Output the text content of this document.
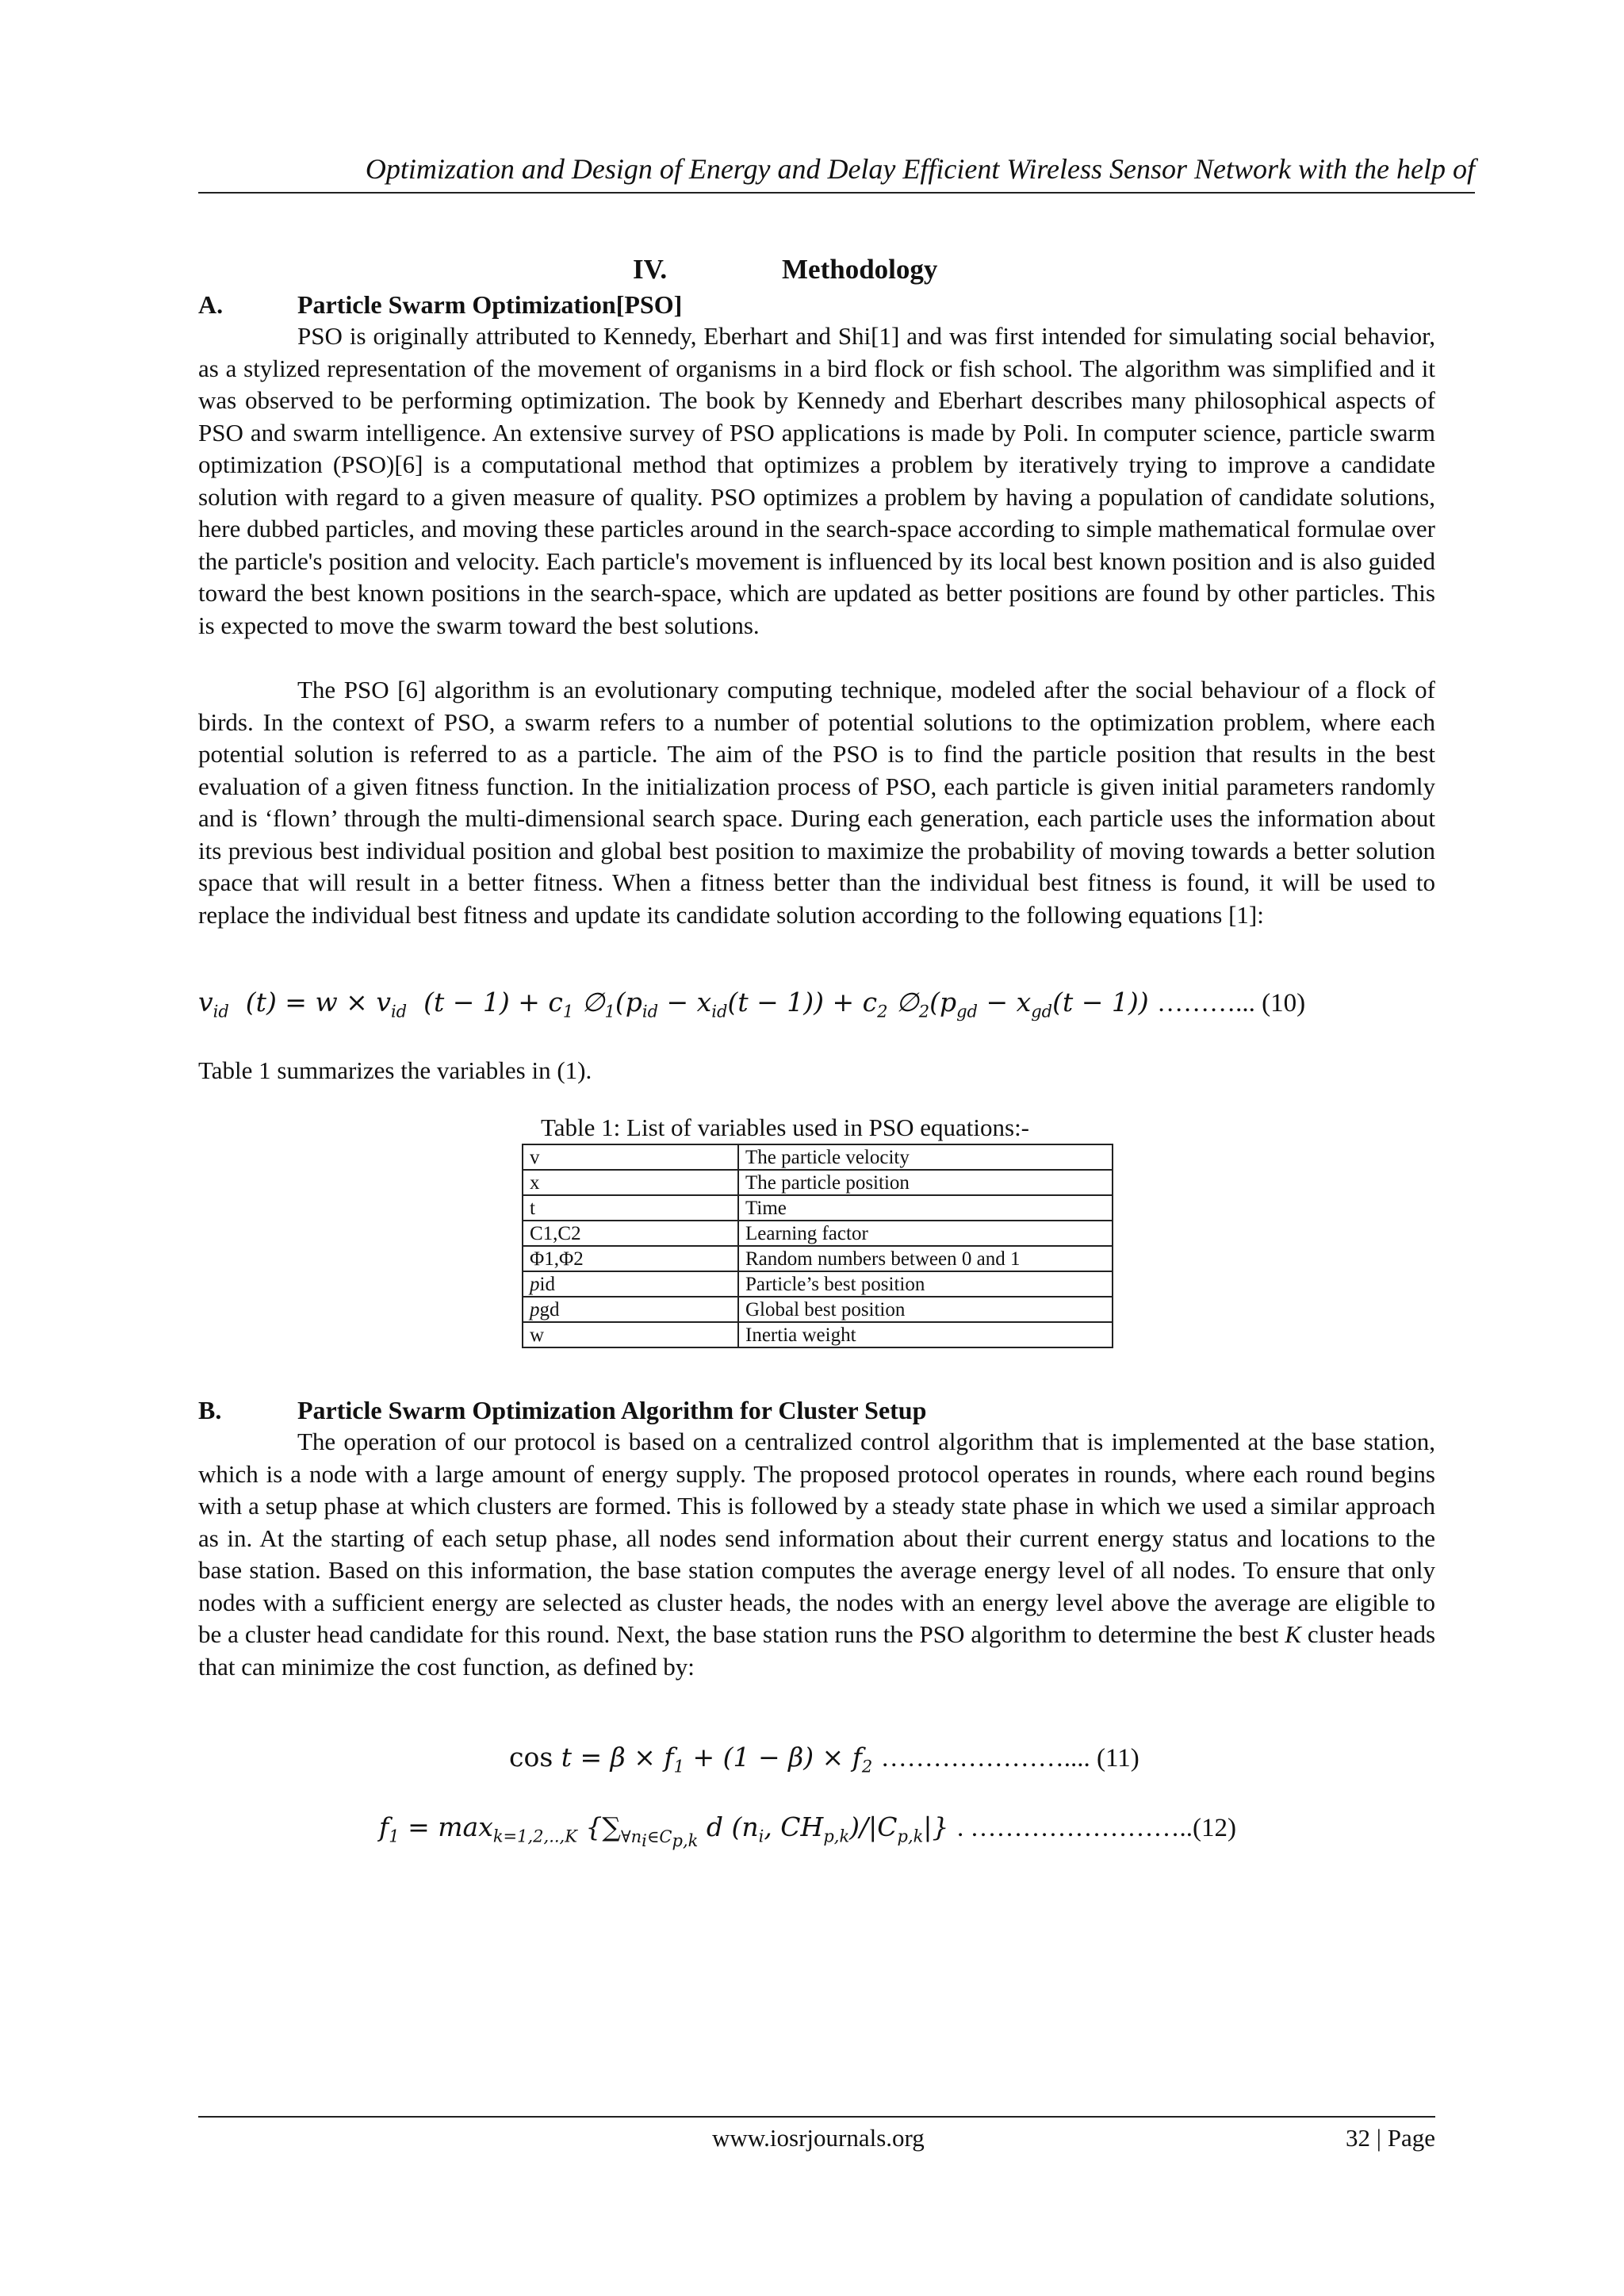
Optimization and Design of Energy and Delay Efficient Wireless Sensor Network with the help of
IV.	Methodology
A.	Particle Swarm Optimization[PSO]

PSO is originally attributed to Kennedy, Eberhart and Shi[1] and was first intended for simulating social behavior, as a stylized representation of the movement of organisms in a bird flock or fish school. The algorithm was simplified and it was observed to be performing optimization. The book by Kennedy and Eberhart describes many philosophical aspects of PSO and swarm intelligence. An extensive survey of PSO applications is made by Poli. In computer science, particle swarm optimization (PSO)[6] is a computational method that optimizes a problem by iteratively trying to improve a candidate solution with regard to a given measure of quality. PSO optimizes a problem by having a population of candidate solutions, here dubbed particles, and moving these particles around in the search-space according to simple mathematical formulae over the particle's position and velocity. Each particle's movement is influenced by its local best known position and is also guided toward the best known positions in the search-space, which are updated as better positions are found by other particles. This is expected to move the swarm toward the best solutions.

The PSO [6] algorithm is an evolutionary computing technique, modeled after the social behaviour of a flock of birds. In the context of PSO, a swarm refers to a number of potential solutions to the optimization problem, where each potential solution is referred to as a particle. The aim of the PSO is to find the particle position that results in the best evaluation of a given fitness function. In the initialization process of PSO, each particle is given initial parameters randomly and is ‘flown’ through the multi-dimensional search space. During each generation, each particle uses the information about its previous best individual position and global best position to maximize the probability of moving towards a better solution space that will result in a better fitness. When a fitness better than the individual best fitness is found, it will be used to replace the individual best fitness and update its candidate solution according to the following equations [1]:

$v_{id}$  $(t) = w \times v_{id}$  $(t - 1) + c_1$ $\emptyset_1(p_{id} - x_{id}(t - 1)) + c_2$ $\emptyset_2(p_{gd} - x_{gd}(t - 1))$ ………... (10)

Table 1 summarizes the variables in (1).

Table 1: List of variables used in PSO equations:-
v	The particle velocity
x	The particle position
t	Time
C1,C2	Learning factor
Φ1,Φ2	Random numbers between 0 and 1
pid	Particle’s best position
pgd	Global best position
w	Inertia weight
B.	Particle Swarm Optimization Algorithm for Cluster Setup

The operation of our protocol is based on a centralized control algorithm that is implemented at the base station, which is a node with a large amount of energy supply. The proposed protocol operates in rounds, where each round begins with a setup phase at which clusters are formed. This is followed by a steady state phase in which we used a similar approach as in. At the starting of each setup phase, all nodes send information about their current energy status and locations to the base station. Based on this information, the base station computes the average energy level of all nodes. To ensure that only nodes with a sufficient energy are selected as cluster heads, the nodes with an energy level above the average are eligible to be a cluster head candidate for this round. Next, the base station runs the PSO algorithm to determine the best K cluster heads that can minimize the cost function, as defined by:

$\cos t = \beta \times f_1 + (1 - \beta) \times f_2$ ………………….... (11)
$f_1 = \max_{k=1,2,..,K} \{\sum_{\forall n_i\in C_{p,k}}$ d ($n_i$, $CH_{p,k})/|C_{p,k}|$} . ……………………..(12)
www.iosrjournals.org	32 | Page
